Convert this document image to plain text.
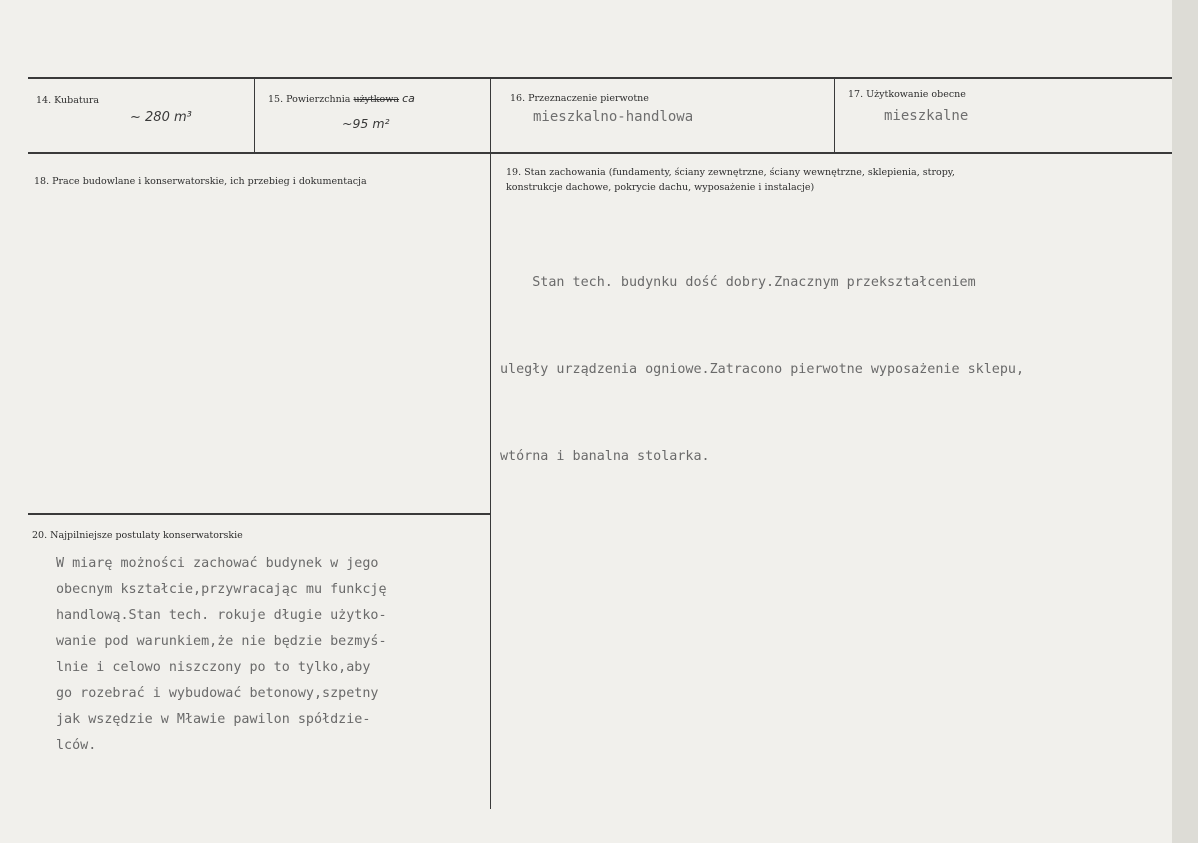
14. Kubatura
~ 280 m³
15. Powierzchnia użytkowa ca
~95 m²
16. Przeznaczenie pierwotne
mieszkalno-handlowa
17. Użytkowanie obecne
mieszkalne
18. Prace budowlane i konserwatorskie, ich przebieg i dokumentacja
19. Stan zachowania (fundamenty, ściany zewnętrzne, ściany wewnętrzne, sklepienia, stropy,
konstrukcje dachowe, pokrycie dachu, wyposażenie i instalacje)

Stan tech. budynku dość dobry.Znacznym przekształceniem

uległy urządzenia ogniowe.Zatracono pierwotne wyposażenie sklepu,

wtórna i banalna stolarka.

20. Najpilniejsze postulaty konserwatorskie
W miarę możności zachować budynek w jego
obecnym kształcie,przywracając mu funkcję
handlową.Stan tech. rokuje długie użytko-
wanie pod warunkiem,że nie będzie bezmyś-
lnie i celowo niszczony po to tylko,aby
go rozebrać i wybudować betonowy,szpetny
jak wszędzie w Mławie pawilon spółdzie-
lców.
